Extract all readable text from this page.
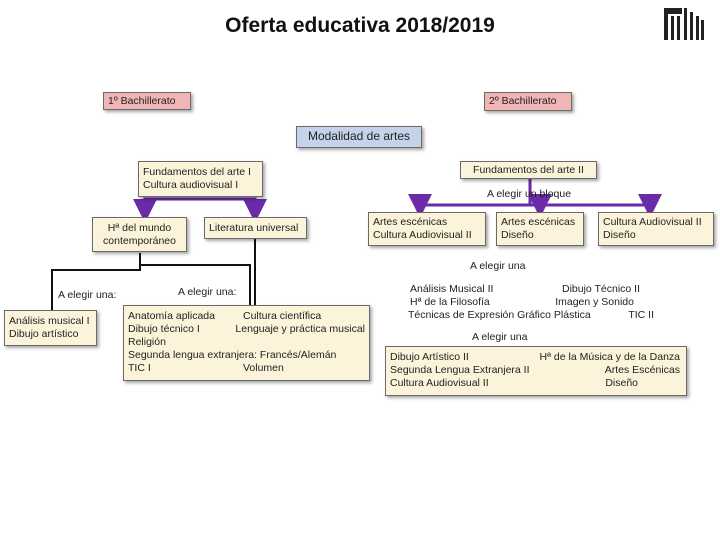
Oferta educativa 2018/2019
1º Bachillerato	2º Bachillerato
Modalidad de artes
Fundamentos del arte I
Cultura audiovisual I
Hª del mundo
contemporáneo
Literatura universal
A elegir una:
Análisis musical I
Dibujo artístico
A elegir una:
Anatomía aplicada	Cultura científica
Dibujo técnico I	Lenguaje y práctica musical
Religión
Segunda lengua extranjera: Francés/Alemán
TIC I	Volumen
Fundamentos del arte II
A elegir un bloque
Artes escénicas
Cultura Audiovisual II
Artes escénicas
Diseño
Cultura Audiovisual II
Diseño
A elegir una
Análisis Musical II	Dibujo Técnico II
Hª de la Filosofía	Imagen y Sonido
Técnicas de Expresión Gráfico Plástica	TIC II
A elegir una
Dibujo Artístico II	Hª de la Música y de la Danza
Segunda Lengua Extranjera II	Artes Escénicas
Cultura Audiovisual II	Diseño
